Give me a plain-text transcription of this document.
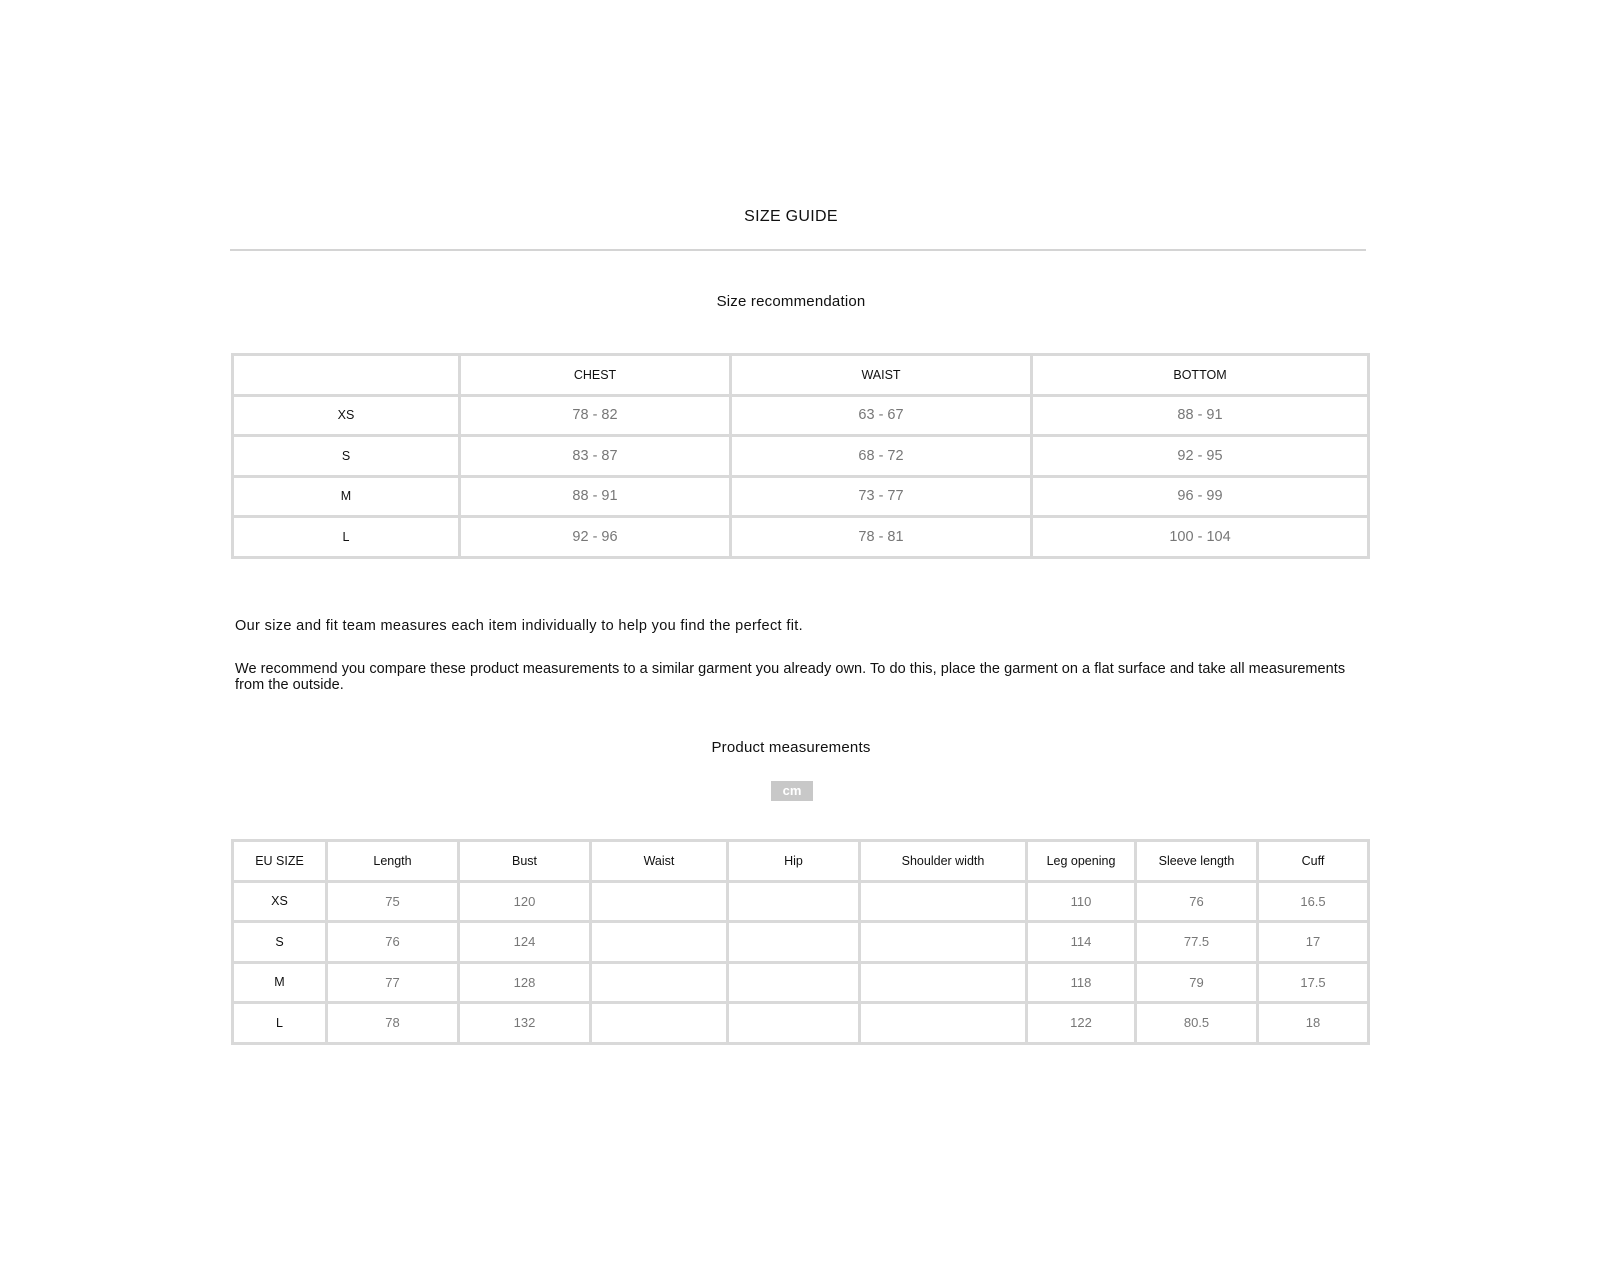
SIZE GUIDE
Size recommendation
	CHEST	WAIST	BOTTOM
XS	78 - 82	63 - 67	88 - 91
S	83 - 87	68 - 72	92 - 95
M	88 - 91	73 - 77	96 - 99
L	92 - 96	78 - 81	100 - 104
Our size and fit team measures each item individually to help you find the perfect fit.
We recommend you compare these product measurements to a similar garment you already own. To do this, place the garment on a flat surface and take all measurements from the outside.
Product measurements
cm
EU SIZE	Length	Bust	Waist	Hip	Shoulder width	Leg opening	Sleeve length	Cuff
XS	75	120				110	76	16.5
S	76	124				114	77.5	17
M	77	128				118	79	17.5
L	78	132				122	80.5	18
